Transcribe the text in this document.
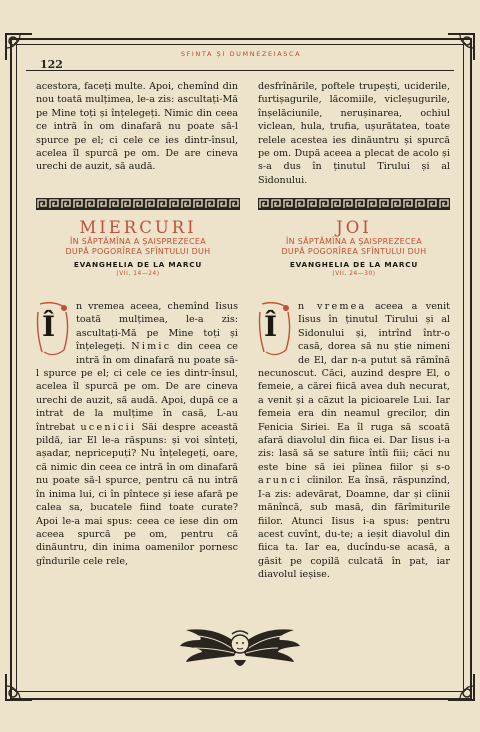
122
SFINTA ȘI DUMNEZEIASCA

acestora, faceți multe. Apoi, chemînd din nou toată mulțimea, le-a zis: ascultați-Mă pe Mine toți și înțelegeți. Nimic din ceea ce intră în om dinafară nu poate să-l spurce pe el; ci cele ce ies dintr-însul, acelea îl spurcă pe om. De are cineva urechi de auzit, să audă.

desfrînările, poftele trupești, uciderile, furtișagurile, lăcomiile, vicleșugurile, înșelăciunile, nerușinarea, ochiul viclean, hula, trufia, ușurătatea, toate relele acestea ies dinăuntru și spurcă pe om. După aceea a plecat de acolo și s-a dus în ținutul Tirului și al Sidonului.

MIERCURI

ÎN SĂPTĂMÎNA A ȘAISPREZECEA

DUPĂ POGORÎREA SFÎNTULUI DUH

EVANGHELIA DE LA MARCU

(VII, 14—24)

JOI

ÎN SĂPTĂMÎNA A ȘAISPREZECEA

DUPĂ POGORÎREA SFÎNTULUI DUH

EVANGHELIA DE LA MARCU

(VII, 24—30)

Î

n vremea aceea, chemînd Iisus toată mulțimea, le-a zis: ascultați-Mă pe Mine toți și înțelegeți. Nimic din ceea ce intră în om dinafară nu poate să-l spurce pe el; ci cele ce ies dintr-însul, acelea îl spurcă pe om. De are cineva urechi de auzit, să audă. Apoi, după ce a intrat de la mulțime în casă, L-au întrebat ucenicii Săi despre această pildă, iar El le-a răspuns: și voi sînteți, așadar, nepricepuți? Nu înțelegeți, oare, că nimic din ceea ce intră în om dinafară nu poate să-l spurce, pentru că nu intră în inima lui, ci în pîntece și iese afară pe calea sa, bucatele fiind toate curate? Apoi le-a mai spus: ceea ce iese din om aceea spurcă pe om, pentru că dinăuntru, din inima oamenilor pornesc gîndurile cele rele,

Î

n vremea aceea a venit Iisus în ținutul Tirului și al Sidonului și, intrînd într-o casă, dorea să nu știe nimeni de El, dar n-a putut să rămînă necunoscut. Căci, auzind despre El, o femeie, a cărei fiică avea duh necurat, a venit și a căzut la picioarele Lui. Iar femeia era din neamul grecilor, din Fenicia Siriei. Ea îl ruga să scoată afară diavolul din fiica ei. Dar Iisus i-a zis: lasă să se sature întîi fiii; căci nu este bine să iei pîinea fiilor și s-o arunci cîinilor. Ea însă, răspunzînd, I-a zis: adevărat, Doamne, dar și cîinii mănîncă, sub masă, din fărîmiturile fiilor. Atunci Iisus i-a spus: pentru acest cuvînt, du-te; a ieșit diavolul din fiica ta. Iar ea, ducîndu-se acasă, a găsit pe copilă culcată în pat, iar diavolul ieșise.
